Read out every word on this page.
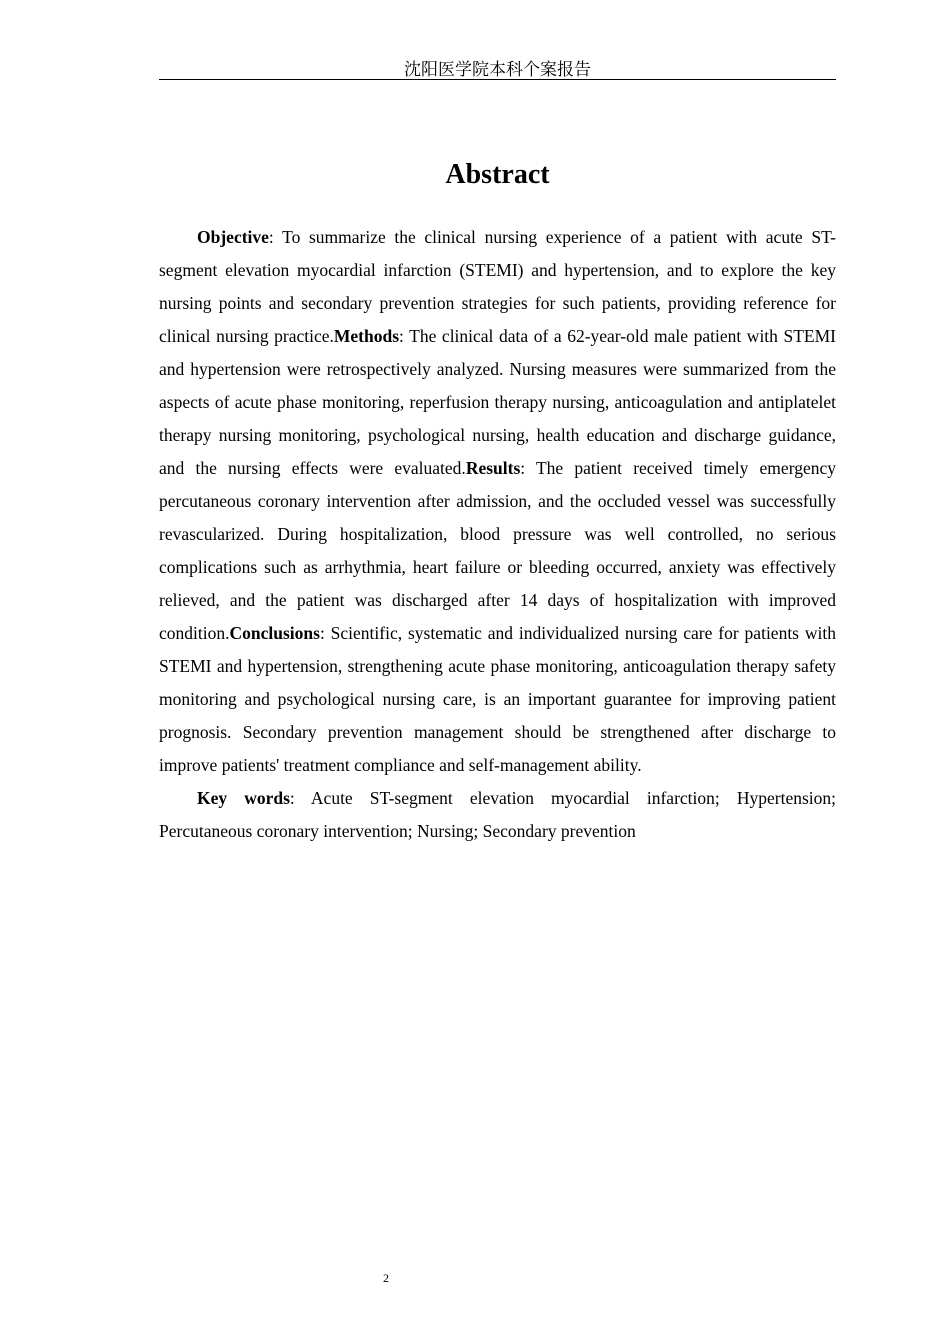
沈阳医学院本科个案报告
Abstract

Objective: To summarize the clinical nursing experience of a patient with acute ST-segment elevation myocardial infarction (STEMI) and hypertension, and to explore the key nursing points and secondary prevention strategies for such patients, providing reference for clinical nursing practice.Methods: The clinical data of a 62-year-old male patient with STEMI and hypertension were retrospectively analyzed. Nursing measures were summarized from the aspects of acute phase monitoring, reperfusion therapy nursing, anticoagulation and antiplatelet therapy nursing monitoring, psychological nursing, health education and discharge guidance, and the nursing effects were evaluated.Results: The patient received timely emergency percutaneous coronary intervention after admission, and the occluded vessel was successfully revascularized. During hospitalization, blood pressure was well controlled, no serious complications such as arrhythmia, heart failure or bleeding occurred, anxiety was effectively relieved, and the patient was discharged after 14 days of hospitalization with improved condition.Conclusions: Scientific, systematic and individualized nursing care for patients with STEMI and hypertension, strengthening acute phase monitoring, anticoagulation therapy safety monitoring and psychological nursing care, is an important guarantee for improving patient prognosis. Secondary prevention management should be strengthened after discharge to improve patients' treatment compliance and self-management ability.

Key words: Acute ST-segment elevation myocardial infarction; Hypertension; Percutaneous coronary intervention; Nursing; Secondary prevention

2
